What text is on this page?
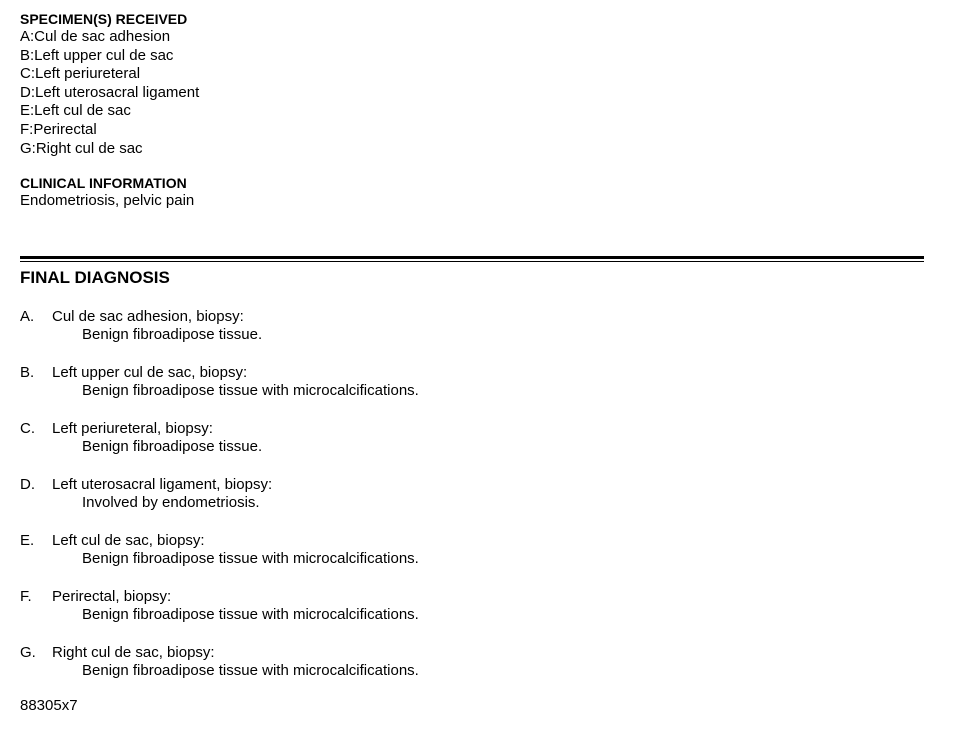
SPECIMEN(S) RECEIVED
A:Cul de sac adhesion
B:Left upper cul de sac
C:Left periureteral
D:Left uterosacral ligament
E:Left cul de sac
F:Perirectal
G:Right cul de sac
CLINICAL INFORMATION
Endometriosis, pelvic pain
FINAL DIAGNOSIS
A.	Cul de sac adhesion, biopsy:
Benign fibroadipose tissue.
B.	Left upper cul de sac, biopsy:
Benign fibroadipose tissue with microcalcifications.
C.	Left periureteral, biopsy:
Benign fibroadipose tissue.
D.	Left uterosacral ligament, biopsy:
Involved by endometriosis.
E.	Left cul de sac, biopsy:
Benign fibroadipose tissue with microcalcifications.
F.	Perirectal, biopsy:
Benign fibroadipose tissue with microcalcifications.
G.	Right cul de sac, biopsy:
Benign fibroadipose tissue with microcalcifications.
88305x7
